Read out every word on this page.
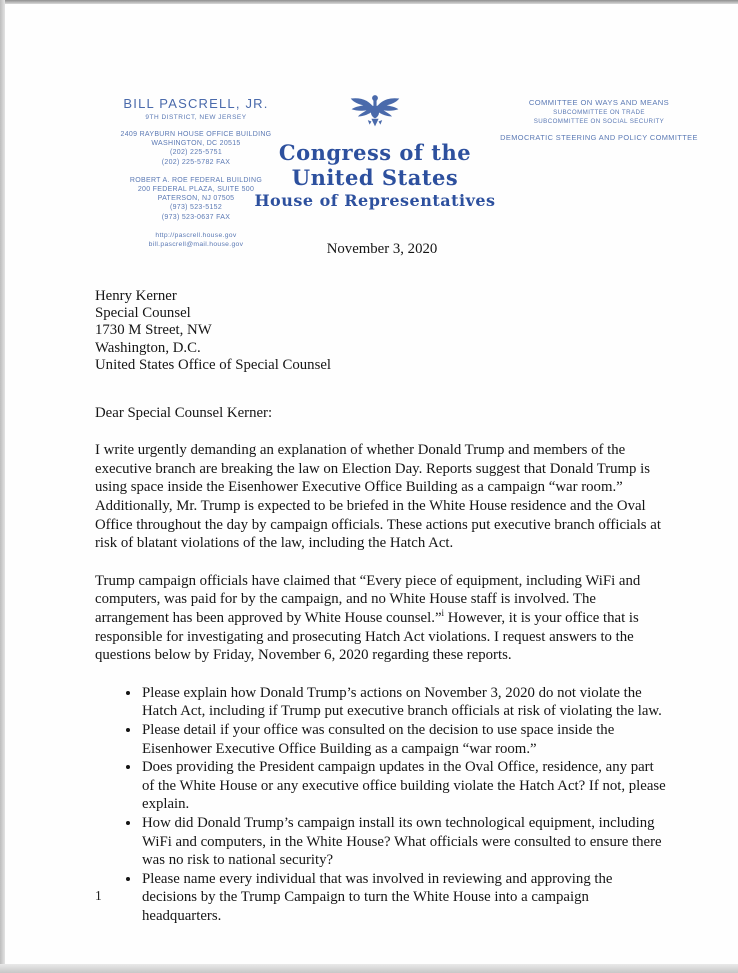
BILL PASCRELL, JR.
9TH DISTRICT, NEW JERSEY
2409 RAYBURN HOUSE OFFICE BUILDING
WASHINGTON, DC 20515
(202) 225-5751
(202) 225-5782 FAX
ROBERT A. ROE FEDERAL BUILDING
200 FEDERAL PLAZA, SUITE 500
PATERSON, NJ 07505
(973) 523-5152
(973) 523-0637 FAX
http://pascrell.house.gov
bill.pascrell@mail.house.gov
Congress of the United States
House of Representatives
COMMITTEE ON WAYS AND MEANS
SUBCOMMITTEE ON TRADE
SUBCOMMITTEE ON SOCIAL SECURITY
DEMOCRATIC STEERING AND POLICY COMMITTEE
November 3, 2020
Henry Kerner
Special Counsel
1730 M Street, NW
Washington, D.C.
United States Office of Special Counsel
Dear Special Counsel Kerner:

I write urgently demanding an explanation of whether Donald Trump and members of the executive branch are breaking the law on Election Day. Reports suggest that Donald Trump is using space inside the Eisenhower Executive Office Building as a campaign “war room.” Additionally, Mr. Trump is expected to be briefed in the White House residence and the Oval Office throughout the day by campaign officials. These actions put executive branch officials at risk of blatant violations of the law, including the Hatch Act.

Trump campaign officials have claimed that “Every piece of equipment, including WiFi and computers, was paid for by the campaign, and no White House staff is involved. The arrangement has been approved by White House counsel.”$^i$ However, it is your office that is responsible for investigating and prosecuting Hatch Act violations. I request answers to the questions below by Friday, November 6, 2020 regarding these reports.

• Please explain how Donald Trump’s actions on November 3, 2020 do not violate the Hatch Act, including if Trump put executive branch officials at risk of violating the law.
• Please detail if your office was consulted on the decision to use space inside the Eisenhower Executive Office Building as a campaign “war room.”
• Does providing the President campaign updates in the Oval Office, residence, any part of the White House or any executive office building violate the Hatch Act? If not, please explain.
• How did Donald Trump’s campaign install its own technological equipment, including WiFi and computers, in the White House? What officials were consulted to ensure there was no risk to national security?
• Please name every individual that was involved in reviewing and approving the decisions by the Trump Campaign to turn the White House into a campaign headquarters.
1
